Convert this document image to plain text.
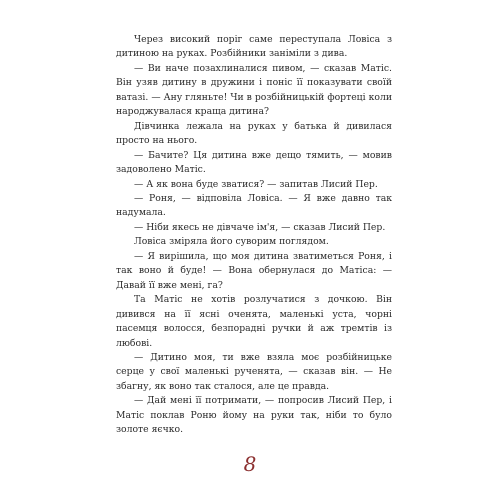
Через високий поріг саме переступала Ловіса з дитиною на руках. Розбійники заніміли з дива.

— Ви наче позахлиналися пивом, — сказав Матіс. Він узяв дитину в дружини і поніс її показувати своїй ватазі. — Ану гляньте! Чи в розбійницькій фортеці коли народжувалася краща дитина?

Дівчинка лежала на руках у батька й дивилася просто на нього.

— Бачите? Ця дитина вже дещо тямить, — мовив задоволено Матіс.

— А як вона буде зватися? — запитав Лисий Пер.

— Роня, — відповіла Ловіса. — Я вже давно так надумала.

— Ніби якесь не дівчаче ім'я, — сказав Лисий Пер.

Ловіса зміряла його суворим поглядом.

— Я вирішила, що моя дитина зватиметься Роня, і так воно й буде! — Вона обернулася до Матіса: — Давай її вже мені, га?

Та Матіс не хотів розлучатися з дочкою. Він дивився на її ясні оченята, маленькі уста, чорні пасемця волосся, безпорадні ручки й аж тремтів із любові.

— Дитино моя, ти вже взяла моє розбійницьке серце у свої маленькі рученята, — сказав він. — Не збагну, як воно так сталося, але це правда.

— Дай мені її потримати, — попросив Лисий Пер, і Матіс поклав Роню йому на руки так, ніби то було золоте яєчко.

8
